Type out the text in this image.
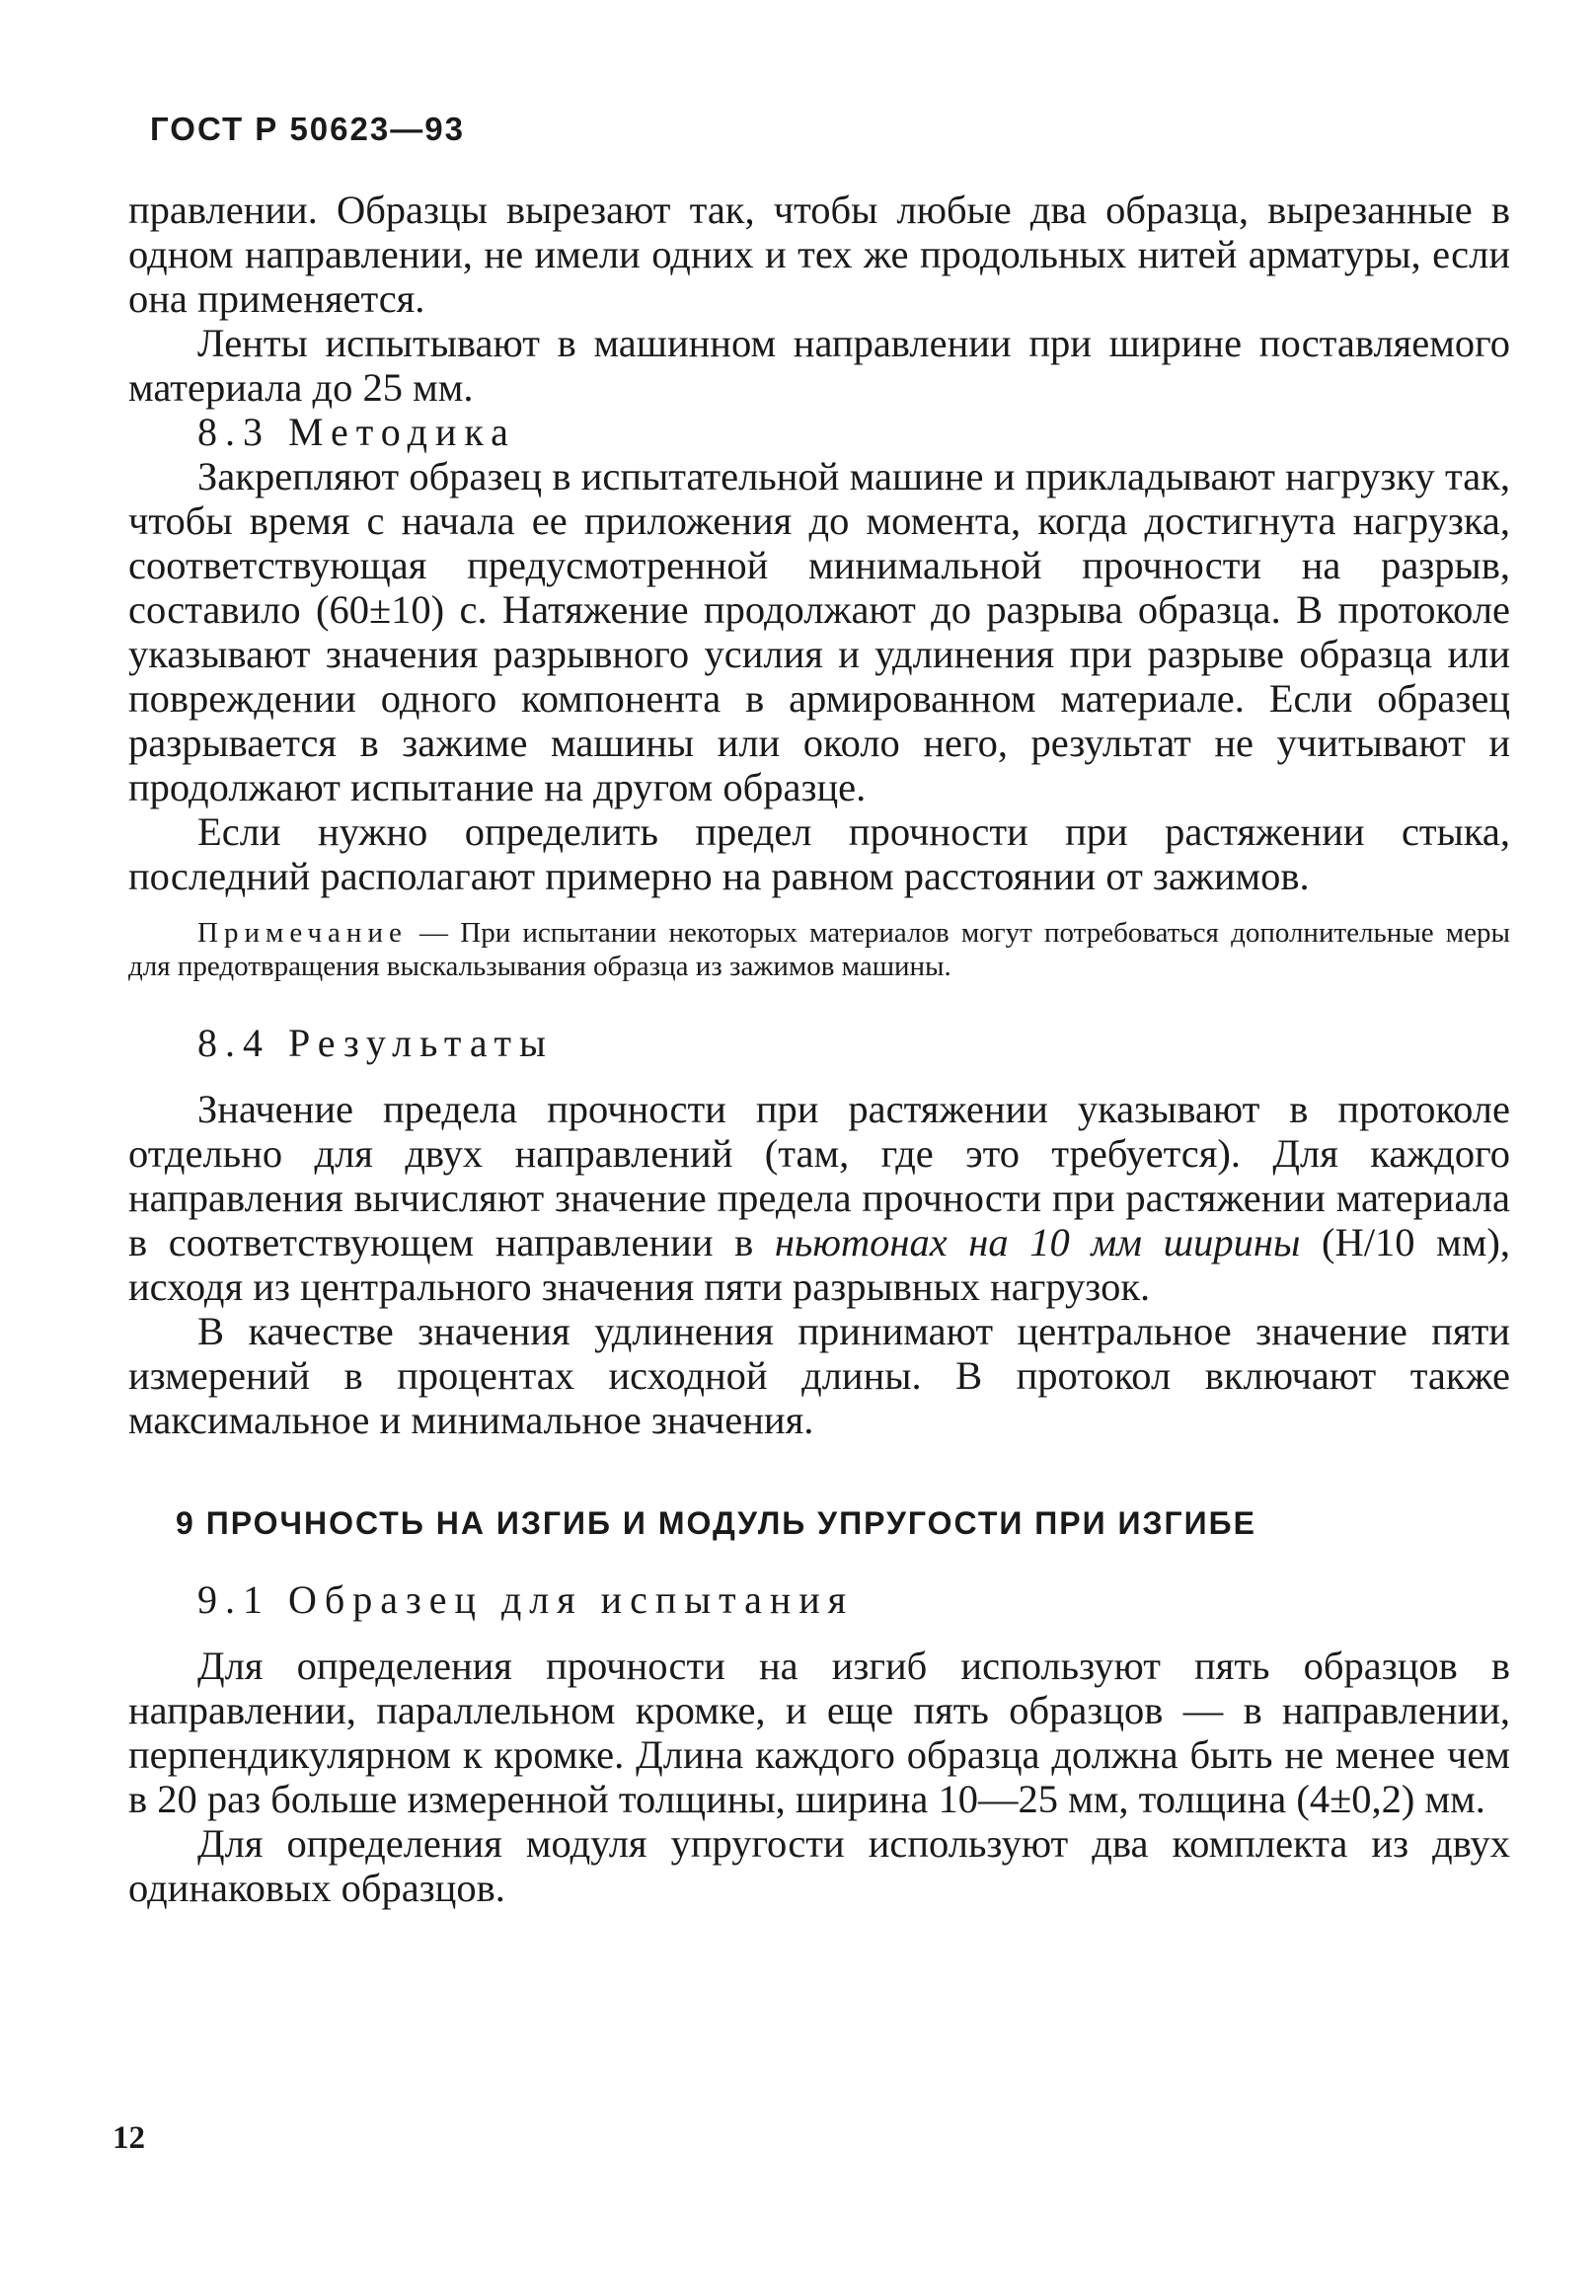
ГОСТ Р 50623—93

правлении. Образцы вырезают так, чтобы любые два образца, вырезанные в одном направлении, не имели одних и тех же продольных нитей арматуры, если она применяется.

Ленты испытывают в машинном направлении при ширине поставляемого материала до 25 мм.

8.3 Методика

Закрепляют образец в испытательной машине и прикладывают нагрузку так, чтобы время с начала ее приложения до момента, когда достигнута нагрузка, соответствующая предусмотренной минимальной прочности на разрыв, составило (60±10) с. Натяжение продолжают до разрыва образца. В протоколе указывают значения разрывного усилия и удлинения при разрыве образца или повреждении одного компонента в армированном материале. Если образец разрывается в зажиме машины или около него, результат не учитывают и продолжают испытание на другом образце.

Если нужно определить предел прочности при растяжении стыка, последний располагают примерно на равном расстоянии от зажимов.

Примечание — При испытании некоторых материалов могут потребоваться дополнительные меры для предотвращения выскальзывания образца из зажимов машины.
8.4 Результаты

Значение предела прочности при растяжении указывают в протоколе отдельно для двух направлений (там, где это требуется). Для каждого направления вычисляют значение предела прочности при растяжении материала в соответствующем направлении в ньютонах на 10 мм ширины (Н/10 мм), исходя из центрального значения пяти разрывных нагрузок.

В качестве значения удлинения принимают центральное значение пяти измерений в процентах исходной длины. В протокол включают также максимальное и минимальное значения.

9 ПРОЧНОСТЬ НА ИЗГИБ И МОДУЛЬ УПРУГОСТИ ПРИ ИЗГИБЕ
9.1 Образец для испытания

Для определения прочности на изгиб используют пять образцов в направлении, параллельном кромке, и еще пять образцов — в направлении, перпендикулярном к кромке. Длина каждого образца должна быть не менее чем в 20 раз больше измеренной толщины, ширина 10—25 мм, толщина (4±0,2) мм.

Для определения модуля упругости используют два комплекта из двух одинаковых образцов.

12
